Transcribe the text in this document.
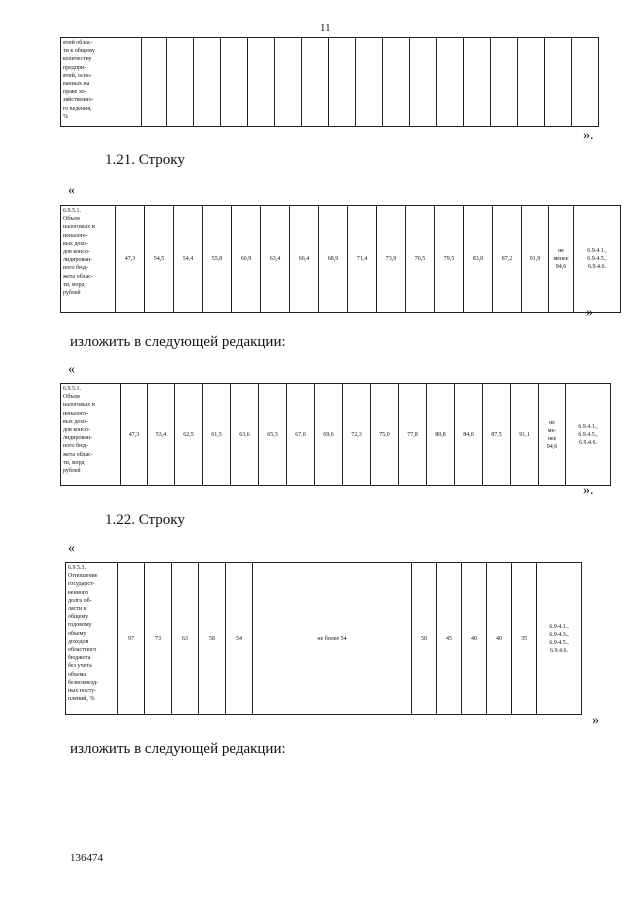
11
ятий облас-
ти к общему
количеству
предпри-
ятий, осно-
ванных на
праве хо-
зяйственно-
го ведения,
%																	
».
1.21. Строку
«
6.9.5.1.
Объем
налоговых и
неналоге-
вых дохо-
дов консо-
лидирован-
ного бюд-
жета облас-
ти, млрд
рублей	47,3	54,5	54,4	55,8	60,9	63,4	66,4	68,9	71,4	73,9	76,5	79,5	83,0	87,2	91,9	не
менее
94,6	6.9.4.1.,
6.9.4.5.,
6.9.4.6.
»
изложить в следующей редакции:
«
6.9.5.1.
Объем
налоговых и
неналого-
вых дохо-
дов консо-
лидирован-
ного бюд-
жета облас-
ти, млрд
рублей	47,3	53,4	62,5	61,5	63,6	65,3	67,0	69,6	72,3	75,0	77,8	80,8	84,0	87,5	91,1	не
ме-
нее
94,6	6.9.4.1.,
6.9.4.5.,
6.9.4.6.
».
1.22. Строку
«
6.9.5.3.
Отношение
государст-
венного
долга об-
ласти к
общему
годовому
объему
доходов
областного
бюджета
без учета
объема
безвозмезд-
ных посту-
плений, %	97	73	63	58	54	не более 54	50	45	40	40	35	6.9.4.1.,
6.9.4.3.,
6.9.4.5.,
6.9.4.6.
»
изложить в следующей редакции:
136474
